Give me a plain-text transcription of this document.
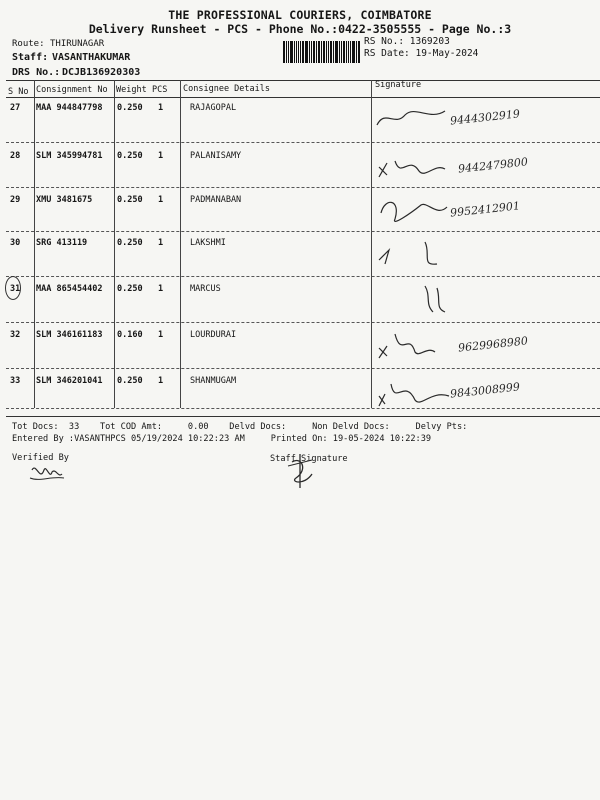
THE PROFESSIONAL COURIERS, COIMBATORE
Delivery Runsheet - PCS - Phone No.:0422-3505555 - Page No.:3
Route: THIRUNAGAR
Staff: VASANTHAKUMAR
DRS No.: DCJB136920303
RS No.: 1369203
RS Date: 19-May-2024
S No Consignment No Weight PCS Consignee Details	Signature
27 MAA 944847798 0.250 1	RAJAGOPAL	9444302919
28 SLM 345994781 0.250 1	PALANISAMY	9442479800
29 XMU 3481675	0.250 1	PADMANABAN	9952412901
30 SRG 413119	0.250 1	LAKSHMI
31 MAA 865454402 0.250 1	MARCUS
32 SLM 346161183 0.160 1	LOURDURAI	9629968980
33 SLM 346201041 0.250 1	SHANMUGAM	9843008999
Tot Docs:  33    Tot COD Amt:     0.00    Delvd Docs:     Non Delvd Docs:     Delvy Pts:
Entered By :VASANTHPCS 05/19/2024 10:22:23 AM     Printed On: 19-05-2024 10:22:39
Verified By	Staff Signature
